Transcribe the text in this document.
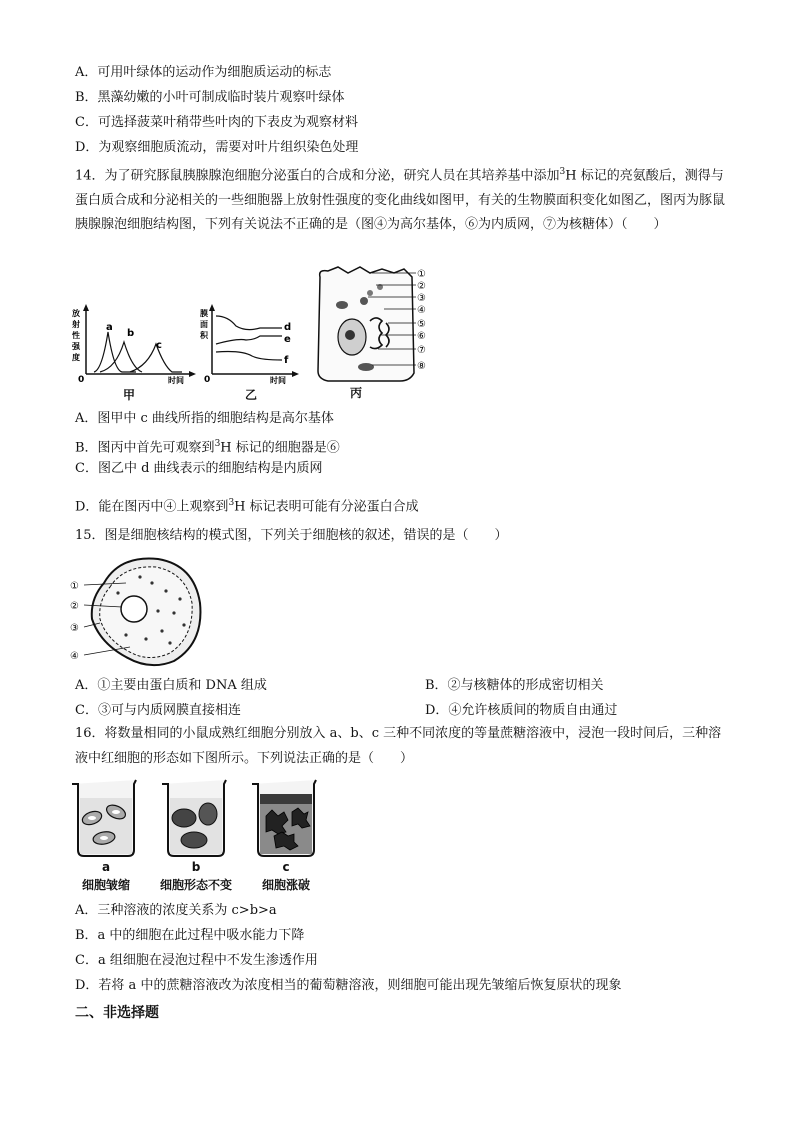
A．可用叶绿体的运动作为细胞质运动的标志
B．黑藻幼嫩的小叶可制成临时装片观察叶绿体
C．可选择菠菜叶稍带些叶肉的下表皮为观察材料
D．为观察细胞质流动，需要对叶片组织染色处理
14．为了研究豚鼠胰腺腺泡细胞分泌蛋白的合成和分泌，研究人员在其培养基中添加$^3$H 标记的亮氨酸后，测得与蛋白质合成和分泌相关的一些细胞器上放射性强度的变化曲线如图甲，有关的生物膜面积变化如图乙，图丙为豚鼠胰腺腺泡细胞结构图，下列有关说法不正确的是（图④为高尔基体，⑥为内质网，⑦为核糖体）（　　）
放
射
性
强
度
0	时间
a
b
c
甲
膜
面
积
0	时间
d
e
f
乙
①
②
③
④
⑤
⑥
⑦
⑧
丙
A．图甲中 c 曲线所指的细胞结构是高尔基体
B．图丙中首先可观察到$^3$H 标记的细胞器是⑥
C．图乙中 d 曲线表示的细胞结构是内质网
D．能在图丙中④上观察到$^3$H 标记表明可能有分泌蛋白合成
15．图是细胞核结构的模式图，下列关于细胞核的叙述，错误的是（　　）
①
②
③
④
A．①主要由蛋白质和 DNA 组成	B．②与核糖体的形成密切相关
C．③可与内质网膜直接相连	D．④允许核质间的物质自由通过
16．将数量相同的小鼠成熟红细胞分别放入 a、b、c 三种不同浓度的等量蔗糖溶液中，浸泡一段时间后，三种溶液中红细胞的形态如下图所示。下列说法正确的是（　　）
a	b	c
细胞皱缩	细胞形态不变	细胞涨破
A．三种溶液的浓度关系为 c>b>a
B．a 中的细胞在此过程中吸水能力下降
C．a 组细胞在浸泡过程中不发生渗透作用
D．若将 a 中的蔗糖溶液改为浓度相当的葡萄糖溶液，则细胞可能出现先皱缩后恢复原状的现象
二、非选择题
